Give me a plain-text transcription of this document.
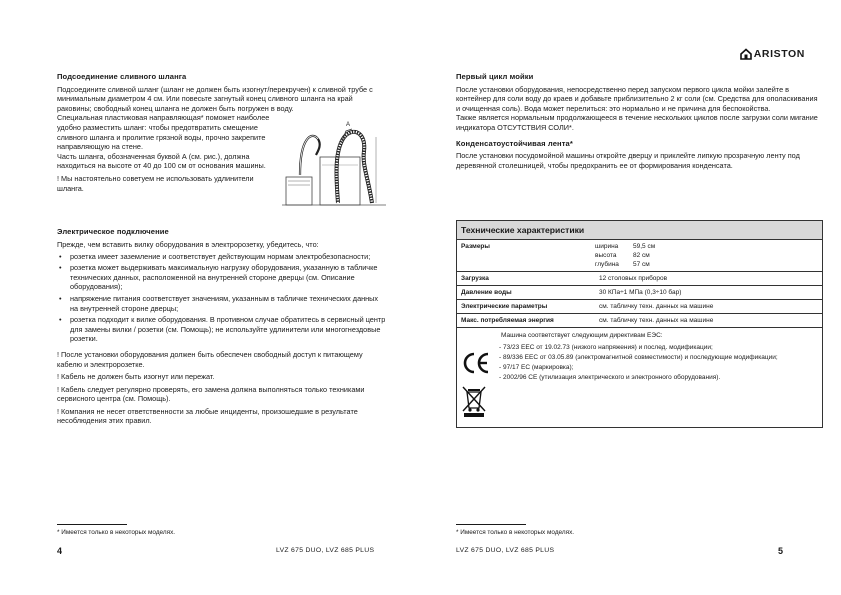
Подсоединение сливного шланга

Подсоедините сливной шланг (шланг не должен быть изогнут/перекручен) к сливной трубе с минимальным диаметром 4 см. Или повесьте загнутый конец сливного шланга на край раковины; свободный конец шланга не должен быть погружен в воду.

Специальная пластиковая направляющая* поможет наиболее удобно разместить шланг: чтобы предотвратить смещение сливного шланга и пролитие грязной воды, прочно закрепите направляющую на стене.

Часть шланга, обозначенная буквой А (см. рис.), должна находиться на высоте от 40 до 100 см от основания машины.

! Мы настоятельно советуем не использовать удлинители шланга.

A
Электрическое подключение

Прежде, чем вставить вилку оборудования в электророзетку, убедитесь, что:

• розетка имеет заземление и соответствует действующим нормам электробезопасности;
• розетка может выдерживать максимальную нагрузку оборудования, указанную в табличке технических данных, расположенной на внутренней стороне дверцы (см. Описание оборудования);
• напряжение питания соответствует значениям, указанным в табличке технических данных на внутренней стороне дверцы;
• розетка подходит к вилке оборудования. В противном случае обратитесь в сервисный центр для замены вилки / розетки (см. Помощь); не используйте удлинители или многогнездовые розетки.

! После установки оборудования должен быть обеспечен свободный доступ к питающему кабелю и электророзетке.

! Кабель не должен быть изогнут или пережат.

! Кабель следует регулярно проверять, его замена должна выполняться только техниками сервисного центра (см. Помощь).

! Компания не несет ответственности за любые инциденты, произошедшие в результате несоблюдения этих правил.

* Имеется только в некоторых моделях.
4	LVZ 675 DUO, LVZ 685 PLUS
ARISTON
Первый цикл мойки

После установки оборудования, непосредственно перед запуском первого цикла мойки залейте в контейнер для соли воду до краев и добавьте приблизительно 2 кг соли (см. Средства для ополаскивания и очищенная соль). Вода может перелиться: это нормально и не причина для беспокойства.

Также является нормальным продолжающееся в течение нескольких циклов после загрузки соли мигание индикатора ОТСУТСТВИЯ СОЛИ*.

Конденсатоустойчивая лента*

После установки посудомойной машины откройте дверцу и приклейте липкую прозрачную ленту под деревянной столешницей, чтобы предохранить ее от формирования конденсата.

Технические характеристики
Размеры	ширина	59,5 см
высота	82 см
глубина	57 см
Загрузка	12 столовых приборов
Давление воды	30 КПа÷1 МПа (0,3÷10 бар)
Электрические параметры	см. табличку техн. данных на машине
Макс. потребляемая энергия	см. табличку техн. данных на машине
Машина соответствует следующим директивам ЕЭС:

- 73/23 EEC от 19.02.73 (низкого напряжения) и послед. модификации;

- 89/336 EEC от 03.05.89 (электромагнитной совместимости) и последующие модификации;

- 97/17 EC (маркировка);

- 2002/96 CE (утилизация электрического и электронного оборудования).

* Имеется только в некоторых моделях.
LVZ 675 DUO, LVZ 685 PLUS	5
